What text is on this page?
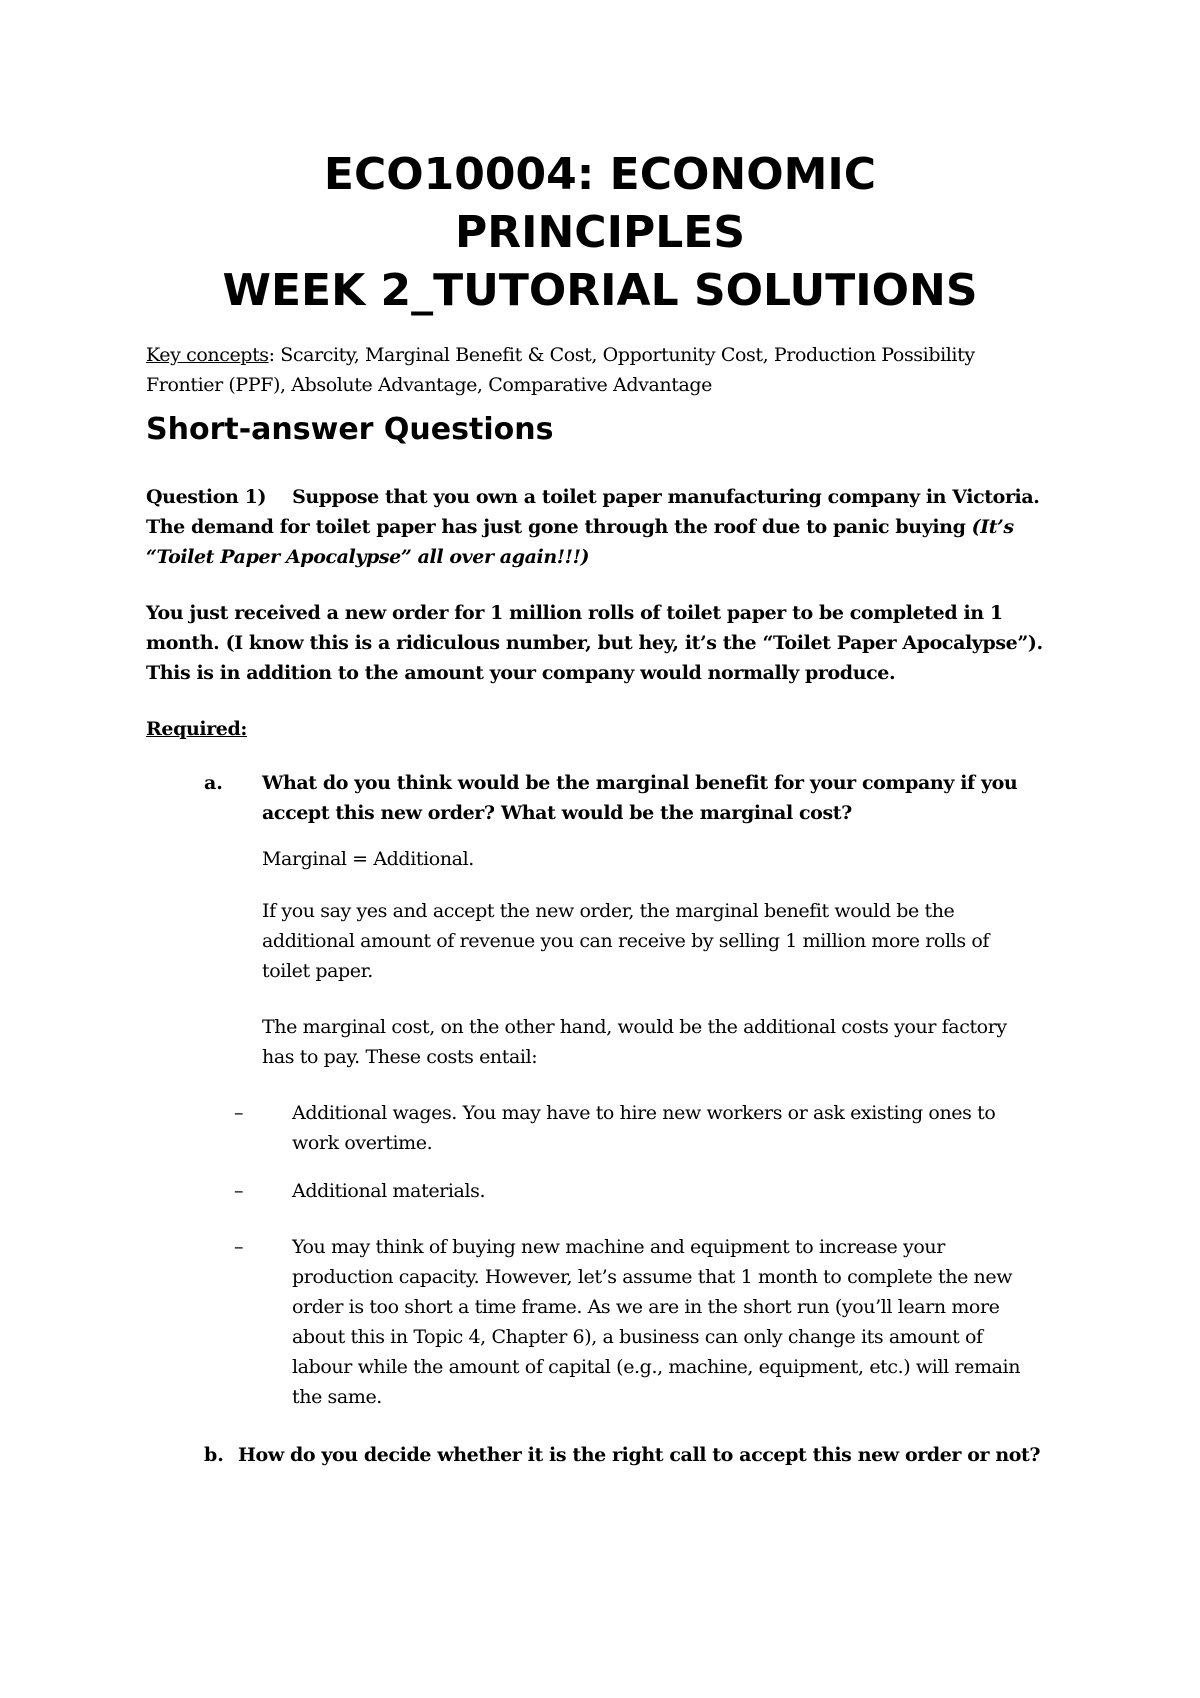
ECO10004: ECONOMIC
PRINCIPLES
WEEK 2_TUTORIAL SOLUTIONS
Key concepts: Scarcity, Marginal Benefit & Cost, Opportunity Cost, Production Possibility
Frontier (PPF), Absolute Advantage, Comparative Advantage
Short-answer Questions
Question 1) Suppose that you own a toilet paper manufacturing company in Victoria.
The demand for toilet paper has just gone through the roof due to panic buying (It’s
“Toilet Paper Apocalypse” all over again!!!)
You just received a new order for 1 million rolls of toilet paper to be completed in 1
month. (I know this is a ridiculous number, but hey, it’s the “Toilet Paper Apocalypse”).
This is in addition to the amount your company would normally produce.
Required:
a. What do you think would be the marginal benefit for your company if you
accept this new order? What would be the marginal cost?
Marginal = Additional.
If you say yes and accept the new order, the marginal benefit would be the
additional amount of revenue you can receive by selling 1 million more rolls of
toilet paper.
The marginal cost, on the other hand, would be the additional costs your factory
has to pay. These costs entail:
–	Additional wages. You may have to hire new workers or ask existing ones to
work overtime.
–	Additional materials.
–	You may think of buying new machine and equipment to increase your
production capacity. However, let’s assume that 1 month to complete the new
order is too short a time frame. As we are in the short run (you’ll learn more
about this in Topic 4, Chapter 6), a business can only change its amount of
labour while the amount of capital (e.g., machine, equipment, etc.) will remain
the same.
b. How do you decide whether it is the right call to accept this new order or not?
